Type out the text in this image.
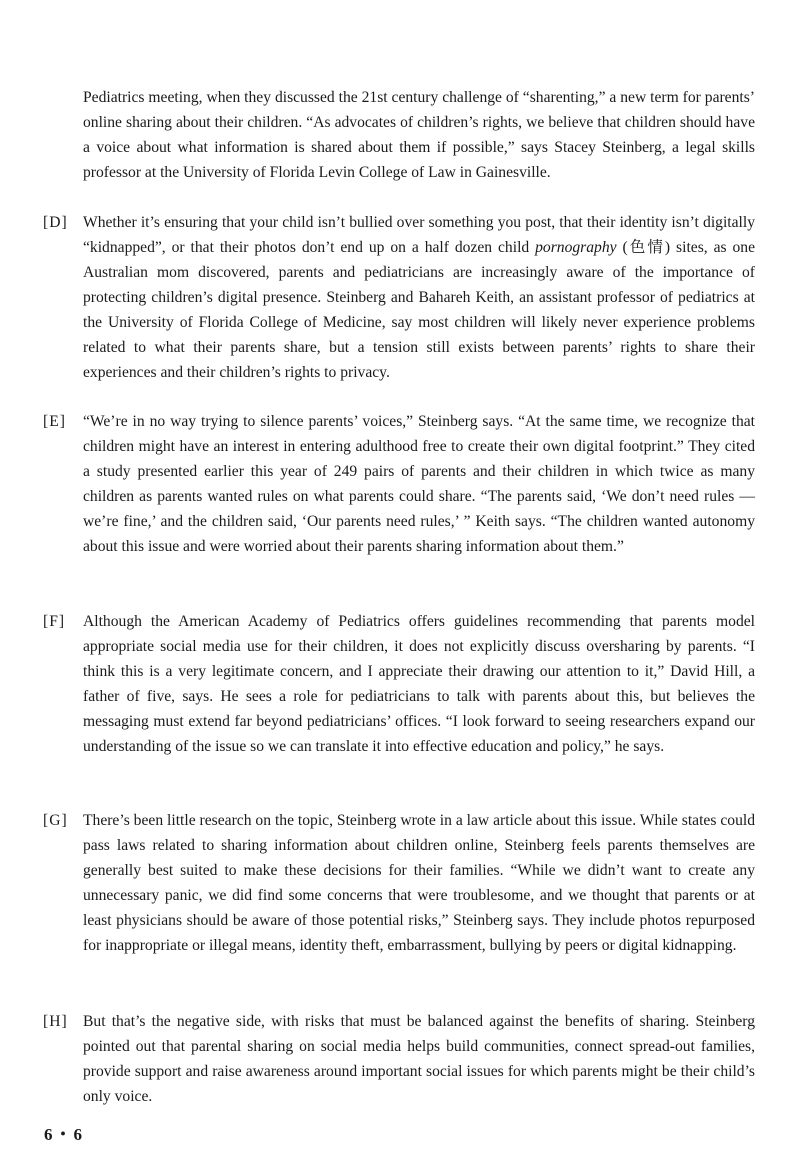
Pediatrics meeting, when they discussed the 21st century challenge of “sharenting,” a new term for parents’ online sharing about their children. “As advocates of children’s rights, we believe that children should have a voice about what information is shared about them if possible,” says Stacey Steinberg, a legal skills professor at the University of Florida Levin College of Law in Gainesville.

[D] Whether it’s ensuring that your child isn’t bullied over something you post, that their identity isn’t digitally “kidnapped”, or that their photos don’t end up on a half dozen child pornography (色情) sites, as one Australian mom discovered, parents and pediatricians are increasingly aware of the importance of protecting children’s digital presence. Steinberg and Bahareh Keith, an assistant professor of pediatrics at the University of Florida College of Medicine, say most children will likely never experience problems related to what their parents share, but a tension still exists between parents’ rights to share their experiences and their children’s rights to privacy.

[E] “We’re in no way trying to silence parents’ voices,” Steinberg says. “At the same time, we recognize that children might have an interest in entering adulthood free to create their own digital footprint.” They cited a study presented earlier this year of 249 pairs of parents and their children in which twice as many children as parents wanted rules on what parents could share. “The parents said, ‘We don’t need rules — we’re fine,’ and the children said, ‘Our parents need rules,’ ” Keith says. “The children wanted autonomy about this issue and were worried about their parents sharing information about them.”

[F] Although the American Academy of Pediatrics offers guidelines recommending that parents model appropriate social media use for their children, it does not explicitly discuss oversharing by parents. “I think this is a very legitimate concern, and I appreciate their drawing our attention to it,” David Hill, a father of five, says. He sees a role for pediatricians to talk with parents about this, but believes the messaging must extend far beyond pediatricians’ offices. “I look forward to seeing researchers expand our understanding of the issue so we can translate it into effective education and policy,” he says.

[G] There’s been little research on the topic, Steinberg wrote in a law article about this issue. While states could pass laws related to sharing information about children online, Steinberg feels parents themselves are generally best suited to make these decisions for their families. “While we didn’t want to create any unnecessary panic, we did find some concerns that were troublesome, and we thought that parents or at least physicians should be aware of those potential risks,” Steinberg says. They include photos repurposed for inappropriate or illegal means, identity theft, embarrassment, bullying by peers or digital kidnapping.

[H] But that’s the negative side, with risks that must be balanced against the benefits of sharing. Steinberg pointed out that parental sharing on social media helps build communities, connect spread-out families, provide support and raise awareness around important social issues for which parents might be their child’s only voice.

6・6
